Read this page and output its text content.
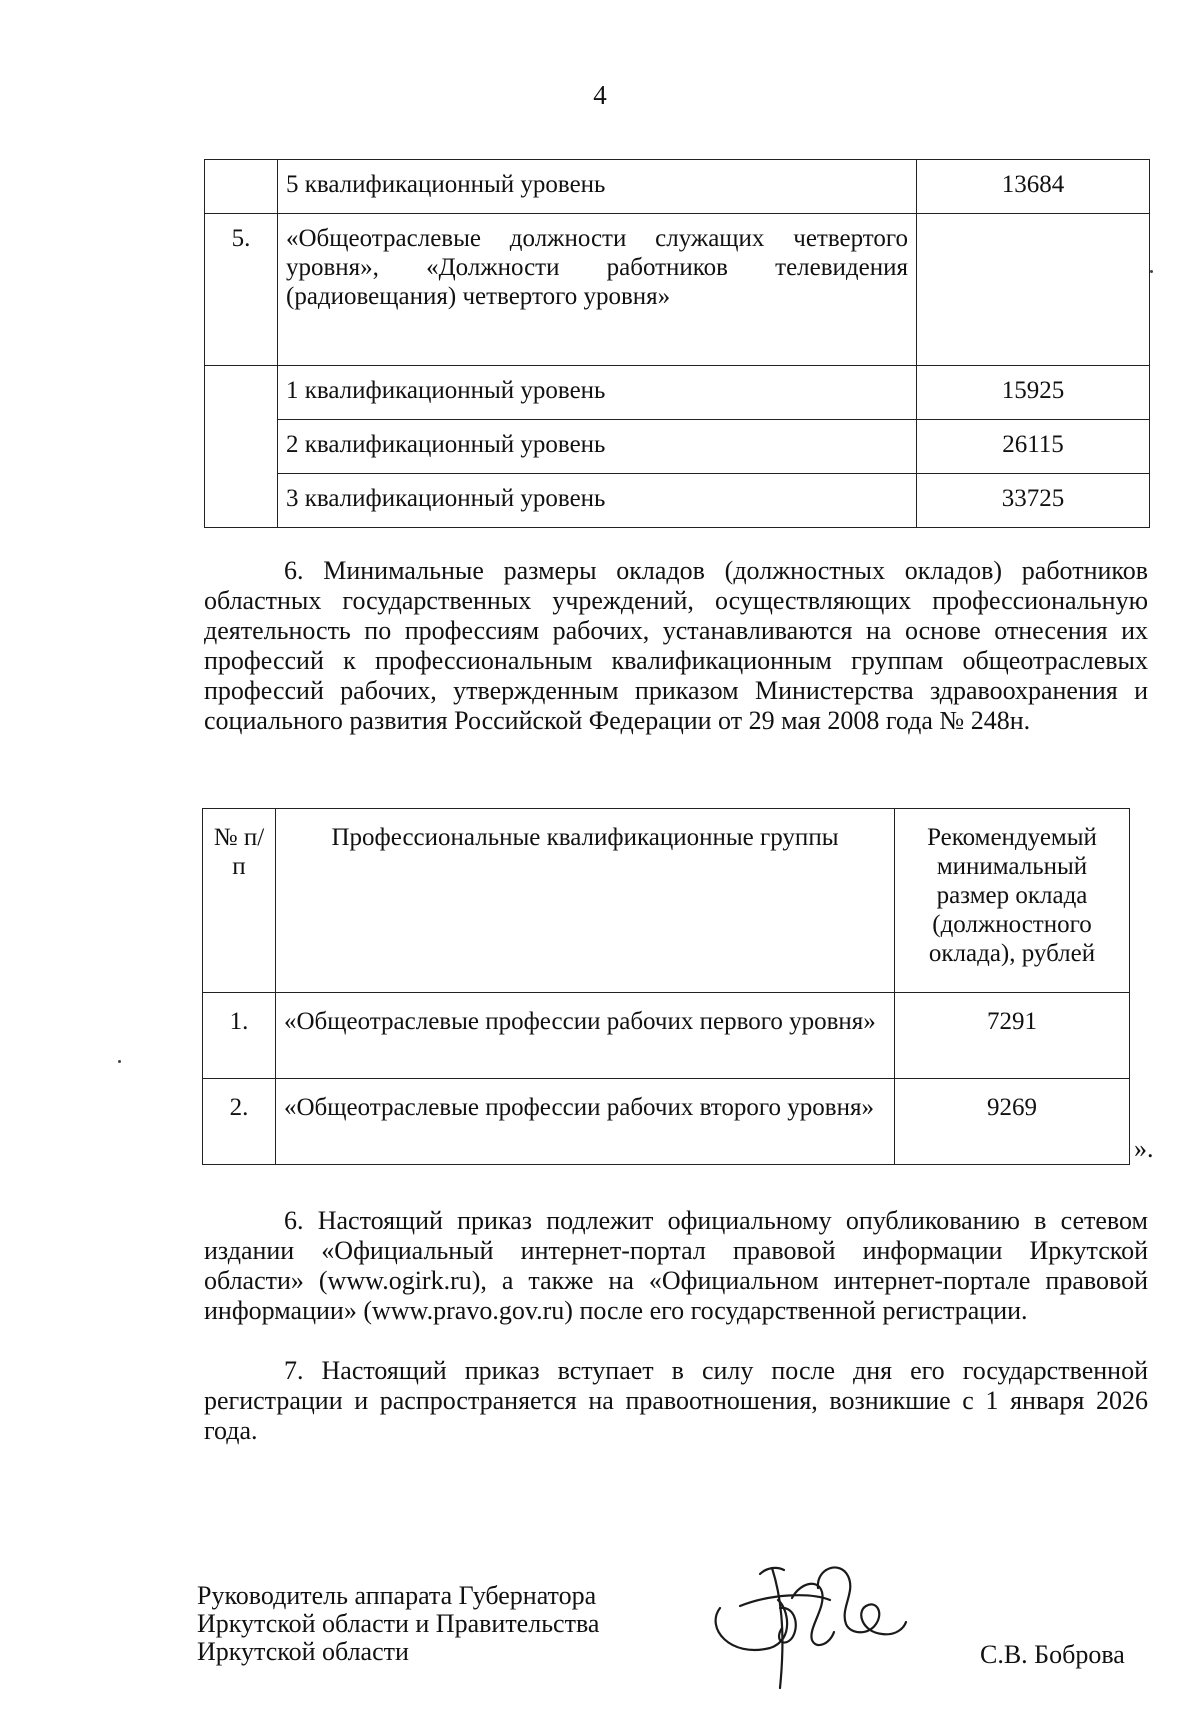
4
	5 квалификационный уровень	13684
5.	«Общеотраслевые должности служащих четвертого уровня», «Должности работников телевидения (радиовещания) четвертого уровня»	
	1 квалификационный уровень	15925
	2 квалификационный уровень	26115
	3 квалификационный уровень	33725
6. Минимальные размеры окладов (должностных окладов) работников областных государственных учреждений, осуществляющих профессиональную деятельность по профессиям рабочих, устанавливаются на основе отнесения их профессий к профессиональным квалификационным группам общеотраслевых профессий рабочих, утвержденным приказом Министерства здравоохранения и социального развития Российской Федерации от 29 мая 2008 года № 248н.
№ п/п	Профессиональные квалификационные группы	Рекомендуемый минимальный размер оклада (должностного оклада), рублей
1.	«Общеотраслевые профессии рабочих первого уровня»	7291
2.	«Общеотраслевые профессии рабочих второго уровня»	9269
».
6. Настоящий приказ подлежит официальному опубликованию в сетевом издании «Официальный интернет-портал правовой информации Иркутской области» (www.ogirk.ru), а также на «Официальном интернет-портале правовой информации» (www.pravo.gov.ru) после его государственной регистрации.
7. Настоящий приказ вступает в силу после дня его государственной регистрации и распространяется на правоотношения, возникшие с 1 января 2026 года.
Руководитель аппарата Губернатора
Иркутской области и Правительства
Иркутской области	С.В. Боброва
